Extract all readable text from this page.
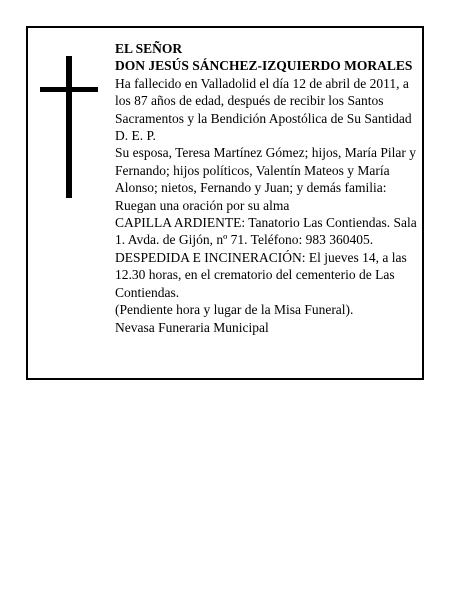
EL SEÑOR

DON JESÚS SÁNCHEZ-IZQUIERDO MORALES

Ha fallecido en Valladolid el día 12 de abril de 2011, a los 87 años de edad, después de recibir los Santos Sacramentos y la Bendición Apostólica de Su Santidad D. E. P.

Su esposa, Teresa Martínez Gómez; hijos, María Pilar y Fernando; hijos políticos, Valentín Mateos y María Alonso; nietos, Fernando y Juan; y demás familia:

Ruegan una oración por su alma

CAPILLA ARDIENTE: Tanatorio Las Contiendas. Sala 1. Avda. de Gijón, nº 71. Teléfono: 983 360405.

DESPEDIDA E INCINERACIÓN: El jueves 14, a las 12.30 horas, en el crematorio del cementerio de Las Contiendas.

(Pendiente hora y lugar de la Misa Funeral).

Nevasa Funeraria Municipal
